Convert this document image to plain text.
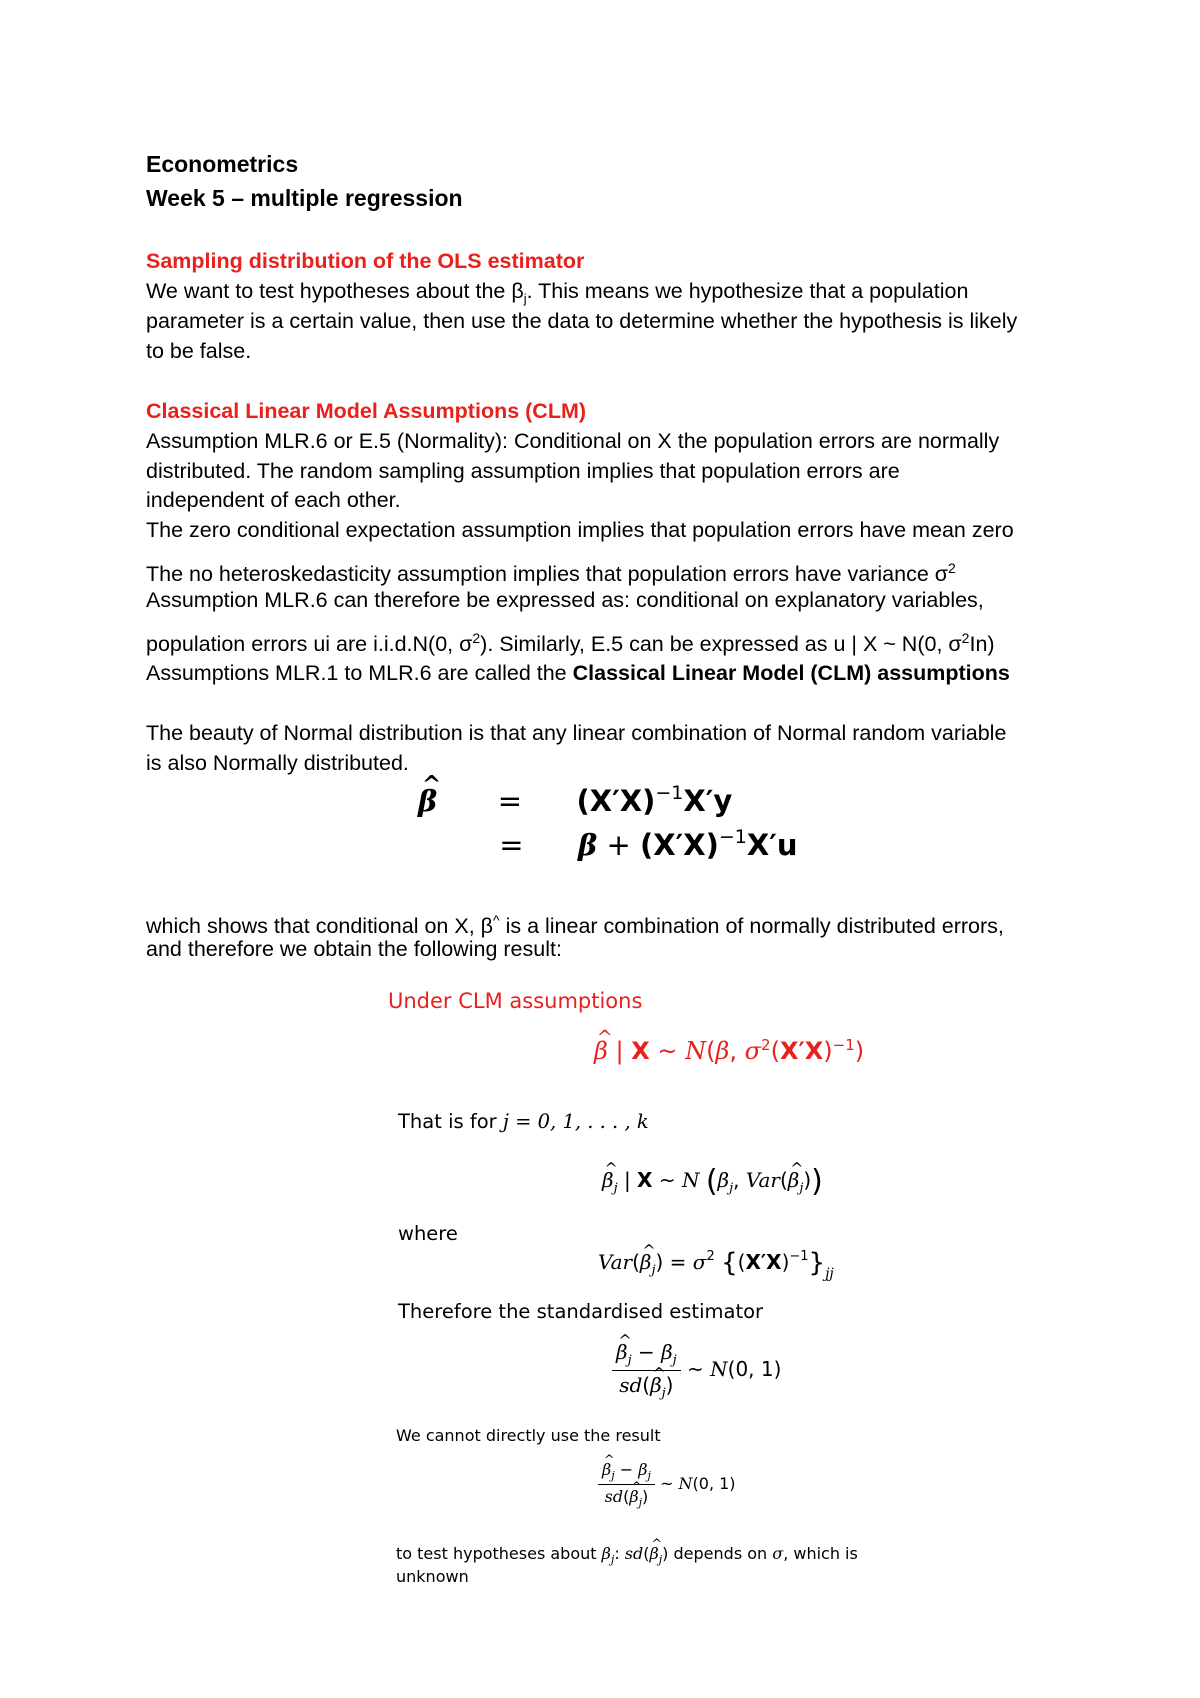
Econometrics
Week 5 – multiple regression
Sampling distribution of the OLS estimator
We want to test hypotheses about the $\beta_j$. This means we hypothesize that a population
parameter is a certain value, then use the data to determine whether the hypothesis is likely
to be false.
Classical Linear Model Assumptions (CLM)
Assumption MLR.6 or E.5 (Normality): Conditional on X the population errors are normally
distributed. The random sampling assumption implies that population errors are
independent of each other.
The zero conditional expectation assumption implies that population errors have mean zero
The no heteroskedasticity assumption implies that population errors have variance $\sigma^2$
Assumption MLR.6 can therefore be expressed as: conditional on explanatory variables,
population errors ui are i.i.d.N(0, $\sigma^2$). Similarly, E.5 can be expressed as u | X ~ N(0, $\sigma^2In$)
Assumptions MLR.1 to MLR.6 are called the Classical Linear Model (CLM) assumptions
The beauty of Normal distribution is that any linear combination of Normal random variable
is also Normally distributed.
^ $\beta = (X'X)^{-1}X'y$
= $\beta + (X'X)^{-1}X'u$
which shows that conditional on X, β^ is a linear combination of normally distributed errors,
and therefore we obtain the following result:
Under CLM assumptions
^ β | X ~ N(β, $\sigma^2(X'X)^{-1}$)
That is for j = 0, 1, . . . , k
^ $\beta_j$ | X ~ N ($\beta_j$, Var(^ $\beta_j$))
where
Var(^ $\beta_j) = \sigma^2$ $\{(X'X)^{-1}\}_{jj}$
Therefore the standardised estimator
^ $\frac{\beta_j - \beta_j}{sd(\^{} \beta_j)}$ ~ N(0, 1)
We cannot directly use the result
^ $\frac{\beta_j - \beta_j}{sd(\^{} \beta_j)}$ ~ N(0, 1)
to test hypotheses about $\beta_j$: sd(^ $\beta_j$) depends on σ, which is
unknown
